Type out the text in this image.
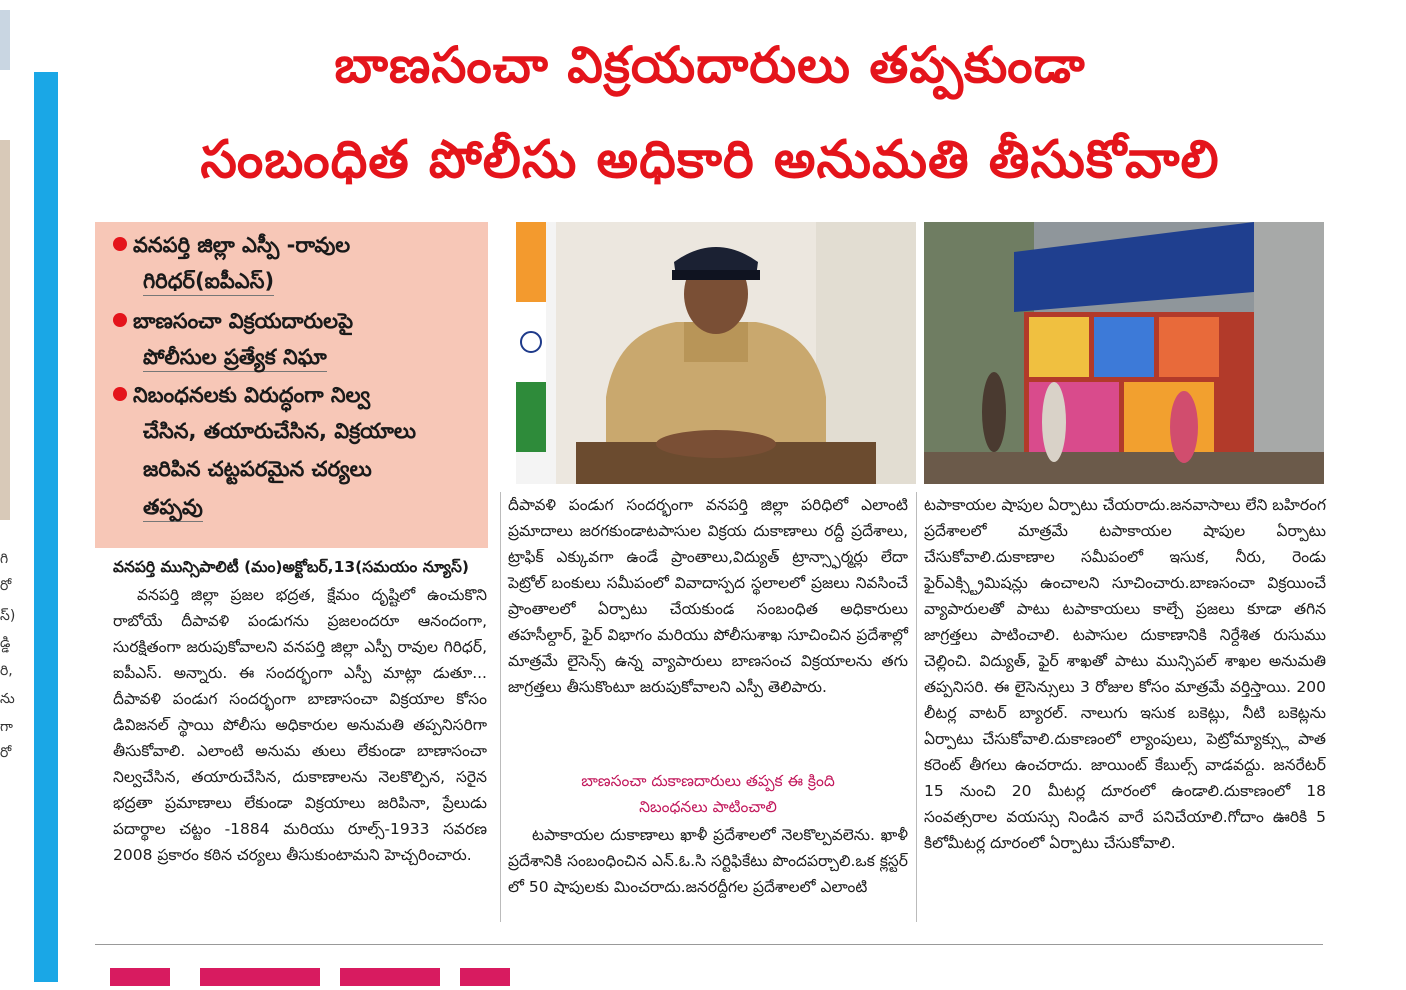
గి
రో
స్)
డ్డి
రి,
ను
గా
రో
బాణసంచా విక్రయదారులు తప్పకుండా
సంబంధిత పోలీసు అధికారి అనుమతి తీసుకోవాలి
వనపర్తి జిల్లా ఎస్పీ -రావుల
గిరిధర్(ఐపీఎస్)
బాణసంచా విక్రయదారులపై
పోలీసుల ప్రత్యేక నిఘా
నిబంధనలకు విరుద్ధంగా నిల్వ
చేసిన, తయారుచేసిన, విక్రయాలు
జరిపిన చట్టపరమైన చర్యలు
తప్పవు
వనపర్తి మున్సిపాలిటీ (మం)అక్టోబర్,13(సమయం న్యూస్)

వనపర్తి జిల్లా ప్రజల భద్రత, క్షేమం దృష్టిలో ఉంచుకొని రాబోయే దీపావళి పండుగను ప్రజలందరూ ఆనందంగా, సురక్షితంగా జరుపుకోవాలని వనపర్తి జిల్లా ఎస్పీ రావుల గిరిధర్, ఐపీఎస్. అన్నారు. ఈ సందర్భంగా ఎస్పీ మాట్లా డుతూ... దీపావళి పండుగ సందర్భంగా బాణాసంచా విక్రయాల కోసం డివిజనల్ స్థాయి పోలీసు అధికారుల అనుమతి తప్పనిసరిగా తీసుకోవాలి. ఎలాంటి అనుమ తులు లేకుండా బాణాసంచా నిల్వచేసిన, తయారుచేసిన, దుకాణాలను నెలకొల్పిన, సరైన భద్రతా ప్రమాణాలు లేకుండా విక్రయాలు జరిపినా, ప్రేలుడు పదార్థాల చట్టం -1884 మరియు రూల్స్-1933 సవరణ 2008 ప్రకారం కఠిన చర్యలు తీసుకుంటామని హెచ్చరించారు.

దీపావళి పండుగ సందర్భంగా వనపర్తి జిల్లా పరిధిలో ఎలాంటి ప్రమాదాలు జరగకుండాటపాసుల విక్రయ దుకాణాలు రద్దీ ప్రదేశాలు, ట్రాఫిక్ ఎక్కువగా ఉండే ప్రాంతాలు,విద్యుత్ ట్రాన్స్ఫార్మర్లు లేదా పెట్రోల్ బంకులు సమీపంలో వివాదాస్పద స్థలాలలో ప్రజలు నివసించే ప్రాంతాలలో ఏర్పాటు చేయకుండ సంబంధిత అధికారులు తహసీల్దార్, ఫైర్ విభాగం మరియు పోలీసుశాఖ సూచించిన ప్రదేశాల్లో మాత్రమే లైసెన్స్ ఉన్న వ్యాపారులు బాణసంచ విక్రయాలను తగు జాగ్రత్తలు తీసుకొంటూ జరుపుకోవాలని ఎస్పీ తెలిపారు.

బాణసంచా దుకాణదారులు తప్పక ఈ క్రింది
నిబంధనలు పాటించాలి

టపాకాయల దుకాణాలు ఖాళీ ప్రదేశాలలో నెలకొల్పవలెను. ఖాళీ ప్రదేశానికి సంబంధించిన ఎన్.ఓ.సి సర్టిఫికేటు పొందపర్చాలి.ఒక క్లస్టర్ లో 50 షాపులకు మించరాదు.జనరద్దీగల ప్రదేశాలలో ఎలాంటి

టపాకాయల షాపుల ఏర్పాటు చేయరాదు.జనవాసాలు లేని బహిరంగ ప్రదేశాలలో మాత్రమే టపాకాయల షాపుల ఏర్పాటు చేసుకోవాలి.దుకాణాల సమీపంలో ఇసుక, నీరు, రెండు ఫైర్ఎక్స్ట్రిమిషన్లు ఉంచాలని సూచించారు.బాణసంచా విక్రయించే వ్యాపారులతో పాటు టపాకాయలు కాల్చే ప్రజలు కూడా తగిన జాగ్రత్తలు పాటించాలి. టపాసుల దుకాణానికి నిర్దేశిత రుసుము చెల్లించి. విద్యుత్, ఫైర్ శాఖతో పాటు మున్సిపల్ శాఖల అనుమతి తప్పనిసరి. ఈ లైసెన్సులు 3 రోజుల కోసం మాత్రమే వర్తిస్తాయి. 200 లీటర్ల వాటర్ బ్యారల్. నాలుగు ఇసుక బకెట్లు, నీటి బకెట్లను ఏర్పాటు చేసుకోవాలి.దుకాణంలో ల్యాంపులు, పెట్రోమ్యాక్స్లు పాత కరెంట్ తీగలు ఉంచరాదు. జాయింట్ కేబుల్స్ వాడవద్దు. జనరేటర్ 15 నుంచి 20 మీటర్ల దూరంలో ఉండాలి.దుకాణంలో 18 సంవత్సరాల వయస్సు నిండిన వారే పనిచేయాలి.గోదాం ఊరికి 5 కిలోమీటర్ల దూరంలో ఏర్పాటు చేసుకోవాలి.
